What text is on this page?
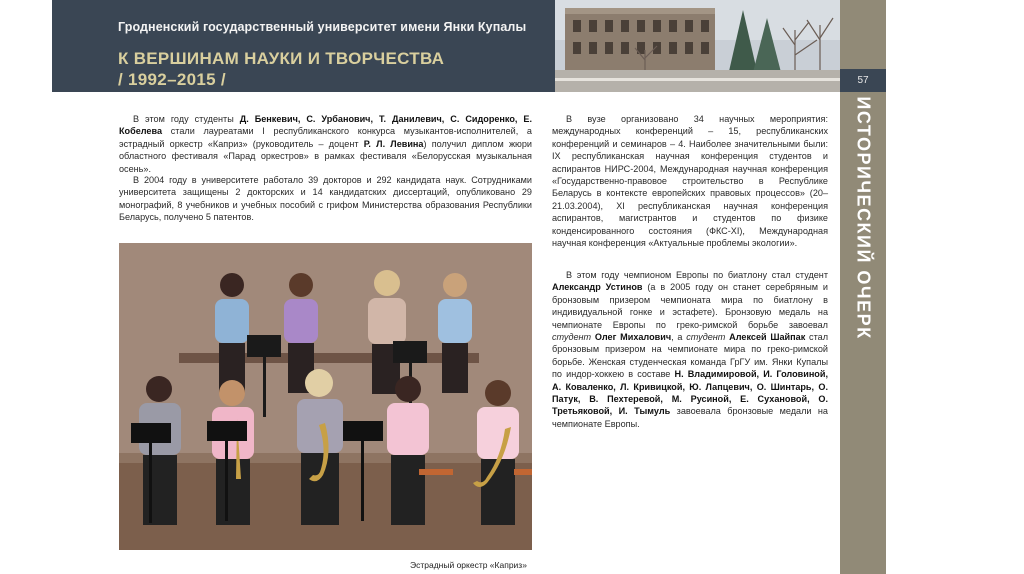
Гродненский государственный университет имени Янки Купалы
К ВЕРШИНАМ НАУКИ И ТВОРЧЕСТВА
/ 1992–2015 /	57
ИСТОРИЧЕСКИЙ ОЧЕРК
В этом году студенты Д. Бенкевич, С. Урбанович, Т. Данилевич, С. Сидоренко, Е. Кобелева стали лауреатами I республиканского конкурса музыкантов-исполнителей, а эстрадный оркестр «Каприз» (руководитель – доцент Р. Л. Левина) получил диплом жюри областного фестиваля «Парад оркестров» в рамках фестиваля «Белорусская музыкальная осень».
В 2004 году в университете работало 39 докторов и 292 кандидата наук. Сотрудниками университета защищены 2 докторских и 14 кандидатских диссертаций, опубликовано 29 монографий, 8 учебников и учебных пособий с грифом Министерства образования Республики Беларусь, получено 5 патентов.
Эстрадный оркестр «Каприз»
В вузе организовано 34 научных мероприятия: международных конференций – 15, республиканских конференций и семинаров – 4. Наиболее значительными были: IX республиканская научная конференция студентов и аспирантов НИРС-2004, Международная научная конференция «Государственно-правовое строительство в Республике Беларусь в контексте европейских правовых процессов» (20–21.03.2004), XI республиканская научная конференция аспирантов, магистрантов и студентов по физике конденсированного состояния (ФКС-XI), Международная научная конференция «Актуальные проблемы экологии».
В этом году чемпионом Европы по биатлону стал студент Александр Устинов (а в 2005 году он станет серебряным и бронзовым призером чемпионата мира по биатлону в индивидуальной гонке и эстафете). Бронзовую медаль на чемпионате Европы по греко-римской борьбе завоевал студент Олег Михалович, а студент Алексей Шайпак стал бронзовым призером на чемпионате мира по греко-римской борьбе. Женская студенческая команда ГрГУ им. Янки Купалы по индор-хоккею в составе Н. Владимировой, И. Головиной, А. Коваленко, Л. Кривицкой, Ю. Лапцевич, О. Шинтарь, О. Патук, В. Пехтеревой, М. Русиной, Е. Сухановой, О. Третьяковой, И. Тымуль завоевала бронзовые медали на чемпионате Европы.
